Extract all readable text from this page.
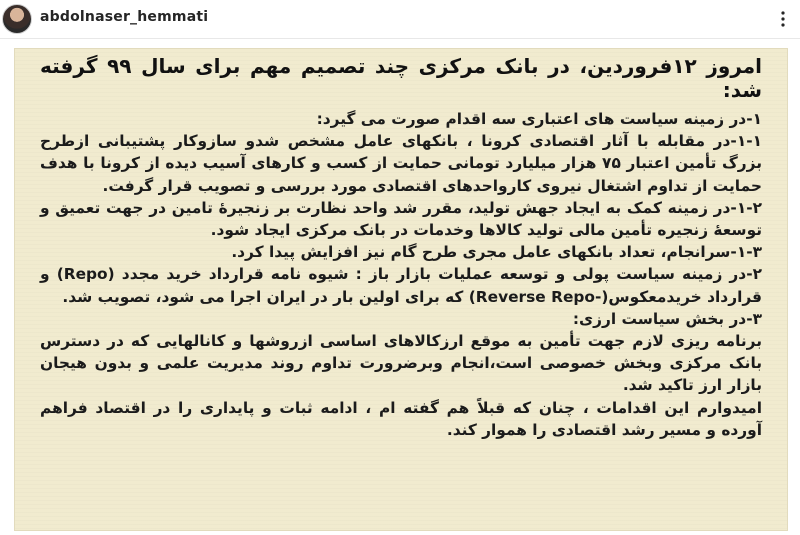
abdolnaser_hemmati

امروز ۱۲فروردین، در بانک مرکزی چند تصمیم مهم برای سال ۹۹ گرفته شد:

۱-در زمینه سیاست های اعتباری سه اقدام صورت می گیرد:

۱-۱-در مقابله با آثار اقتصادی کرونا ، بانکهای عامل مشخص شدو سازوکار پشتیبانی ازطرح بزرگ تأمین اعتبار ۷۵ هزار میلیارد تومانی حمایت از کسب و کارهای آسیب دیده از کرونا با هدف حمایت از تداوم اشتغال نیروی کارواحدهای اقتصادی مورد بررسی و تصویب قرار گرفت.

۱-۲-در زمینه کمک به ایجاد جهش تولید، مقرر شد واحد نظارت بر زنجیرهٔ تامین در جهت تعمیق و توسعهٔ زنجیره تأمین مالی تولید کالاها وخدمات در بانک مرکزی ایجاد شود.

۱-۳-سرانجام، تعداد بانکهای عامل مجری طرح گام نیز افزایش پیدا کرد.

۲-در زمینه سیاست پولی و توسعه عملیات بازار باز : شیوه نامه قرارداد خرید مجدد (Repo) و قرارداد خریدمعکوس(-Reverse Repo) که برای اولین بار در ایران اجرا می شود، تصویب شد.

۳-در بخش سیاست ارزی:

برنامه ریزی لازم جهت تأمین به موقع ارزکالاهای اساسی ازروشها و کانالهایی که در دسترس بانک مرکزی وبخش خصوصی است،انجام وبرضرورت تداوم روند مدیریت علمی و بدون هیجان بازار ارز تاکید شد.

امیدوارم این اقدامات ، چنان که قبلاً هم گفته ام ، ادامه ثبات و پایداری را در اقتصاد فراهم آورده و مسیر رشد اقتصادی را هموار کند.
